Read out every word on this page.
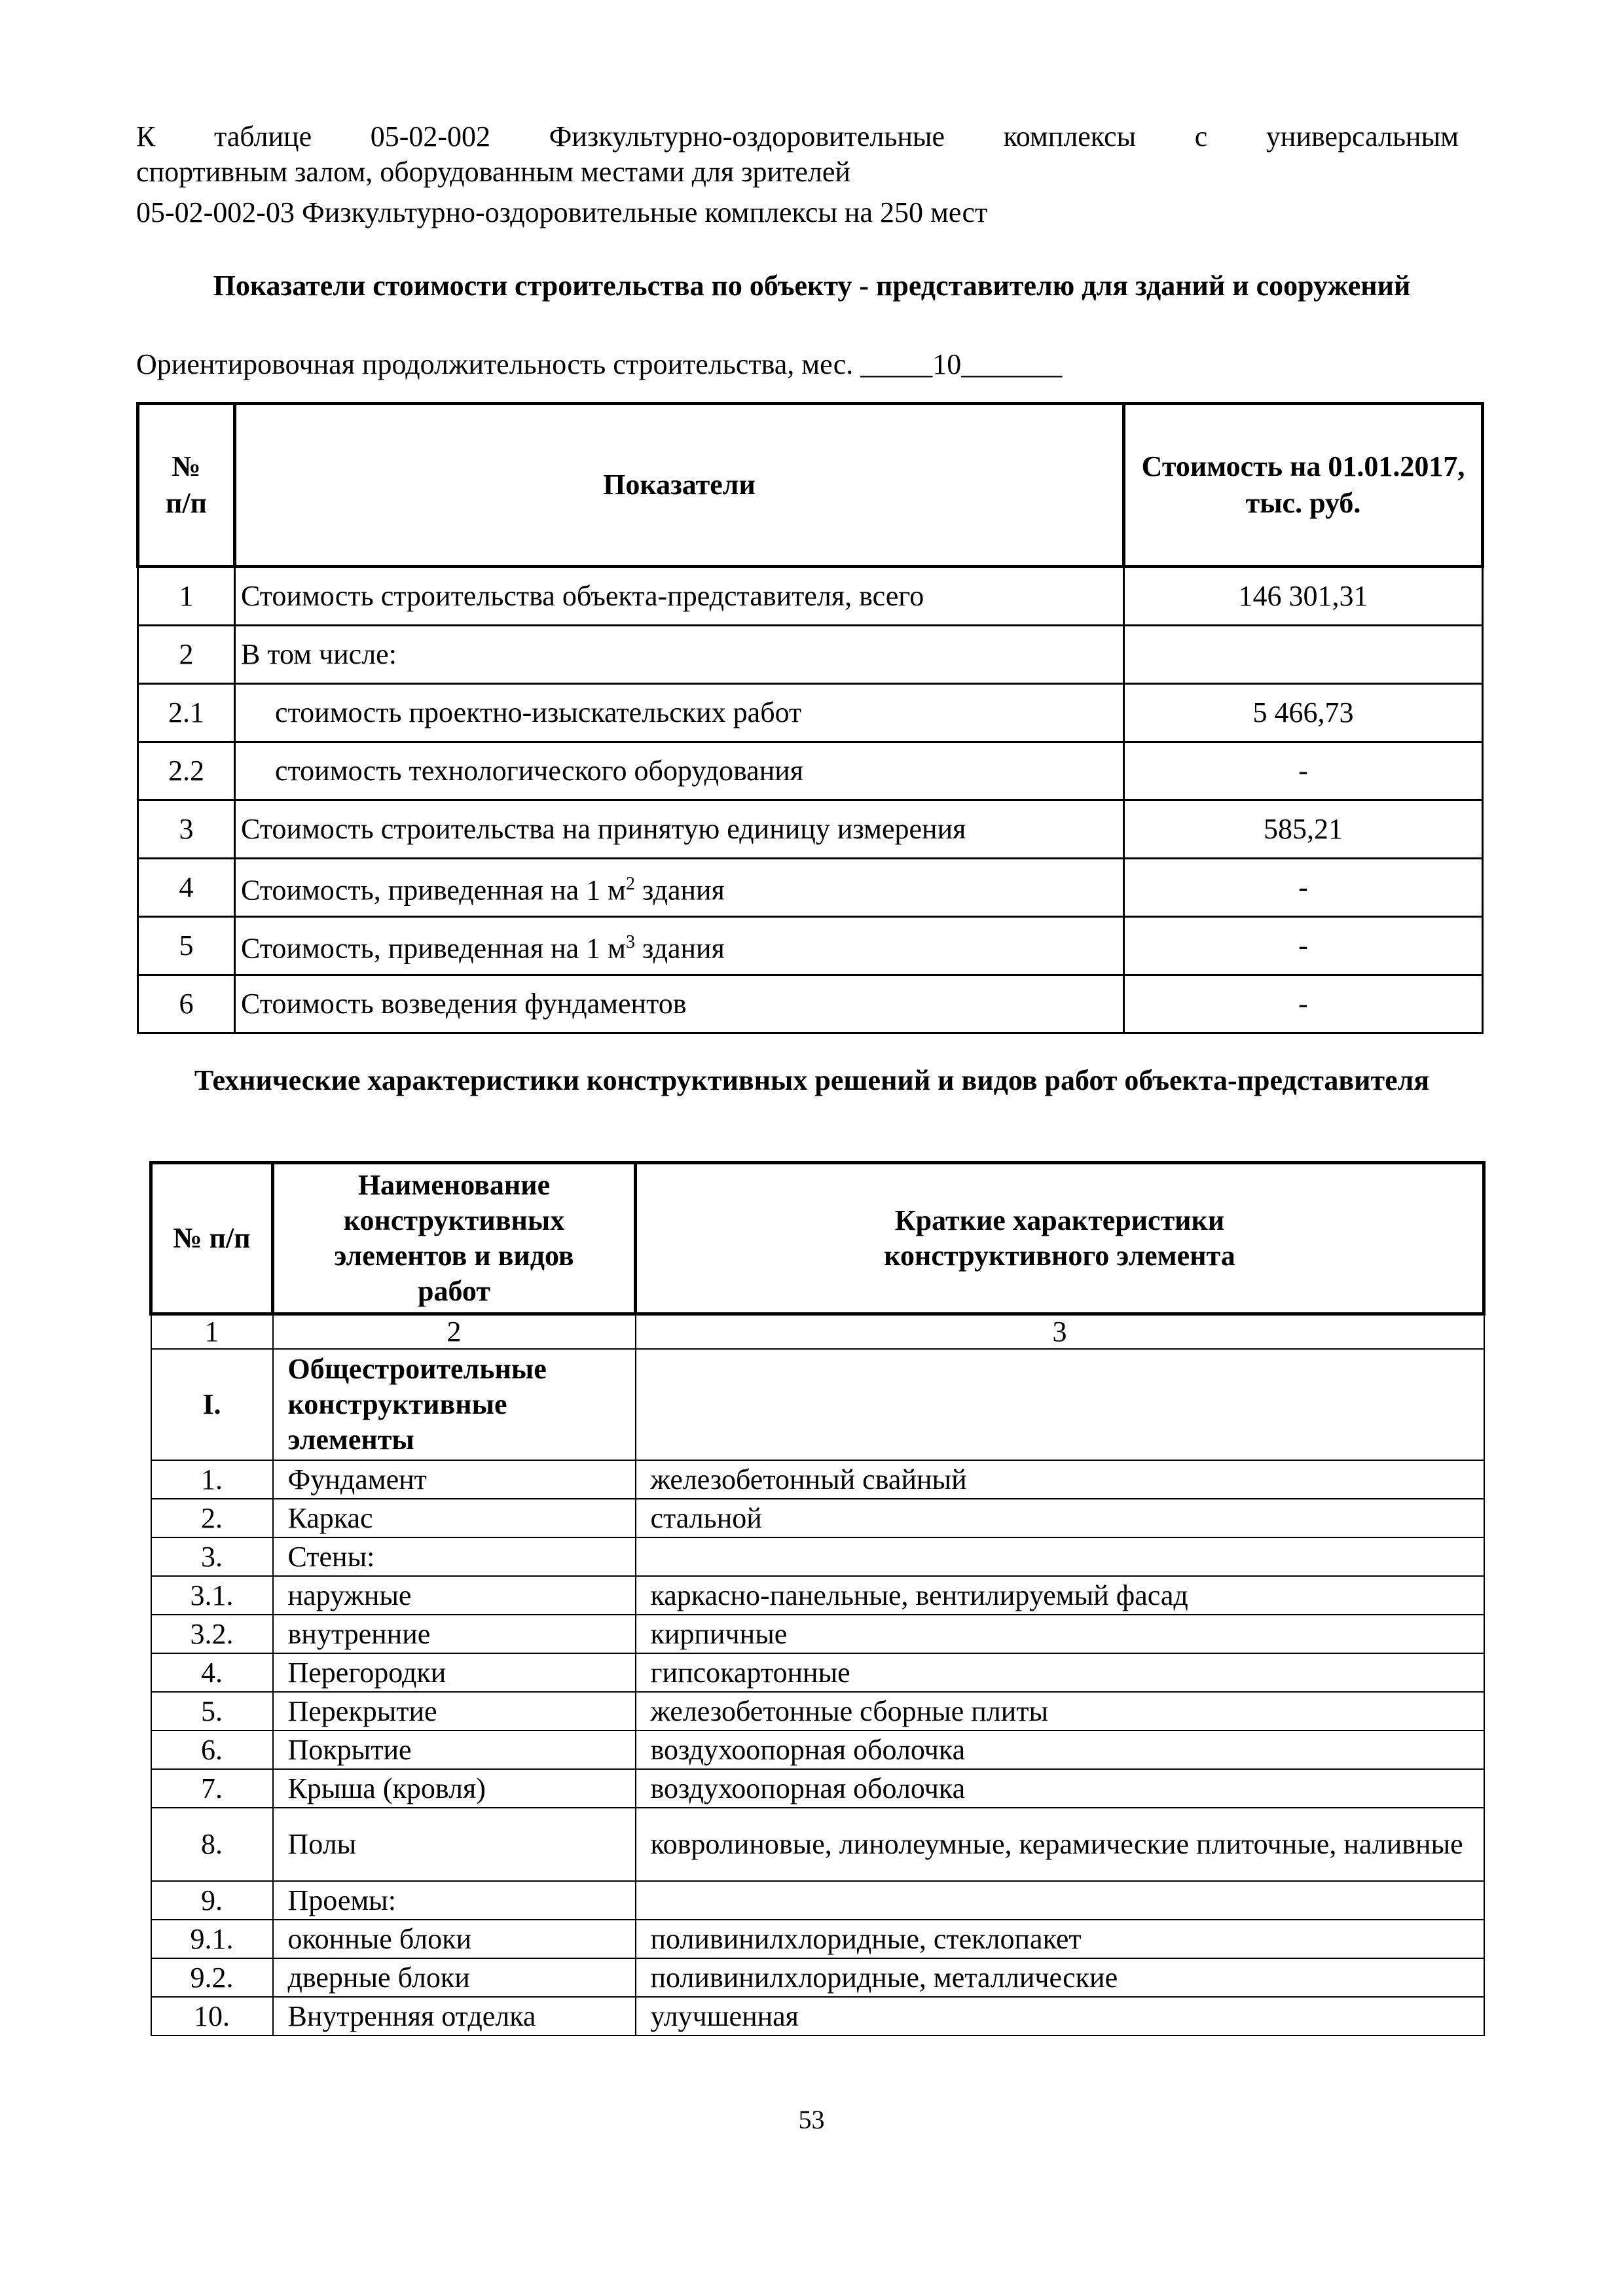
К таблице 05-02-002 Физкультурно-оздоровительные комплексы с универсальным
спортивным залом, оборудованным местами для зрителей
05-02-002-03 Физкультурно-оздоровительные комплексы на 250 мест
Показатели стоимости строительства по объекту - представителю для зданий и сооружений
Ориентировочная продолжительность строительства, мес. _____10_______
№ п/п	Показатели	Стоимость на 01.01.2017, тыс. руб.
1	Стоимость строительства объекта-представителя, всего	146 301,31
2	В том числе:	
2.1	стоимость проектно-изыскательских работ	5 466,73
2.2	стоимость технологического оборудования	-
3	Стоимость строительства на принятую единицу измерения	585,21
4	Стоимость, приведенная на 1 $м^2$ здания	-
5	Стоимость, приведенная на 1 $м^3$ здания	-
6	Стоимость возведения фундаментов	-
Технические характеристики конструктивных решений и видов работ объекта-представителя
№ п/п	Наименование конструктивных элементов и видов работ	Краткие характеристики конструктивного элемента
1	2	3
I.	Общестроительные конструктивные элементы	
1.	Фундамент	железобетонный свайный
2.	Каркас	стальной
3.	Стены:	
3.1.	наружные	каркасно-панельные, вентилируемый фасад
3.2.	внутренние	кирпичные
4.	Перегородки	гипсокартонные
5.	Перекрытие	железобетонные сборные плиты
6.	Покрытие	воздухоопорная оболочка
7.	Крыша (кровля)	воздухоопорная оболочка
8.	Полы	ковролиновые, линолеумные, керамические плиточные, наливные
9.	Проемы:	
9.1.	оконные блоки	поливинилхлоридные, стеклопакет
9.2.	дверные блоки	поливинилхлоридные, металлические
10.	Внутренняя отделка	улучшенная
53
